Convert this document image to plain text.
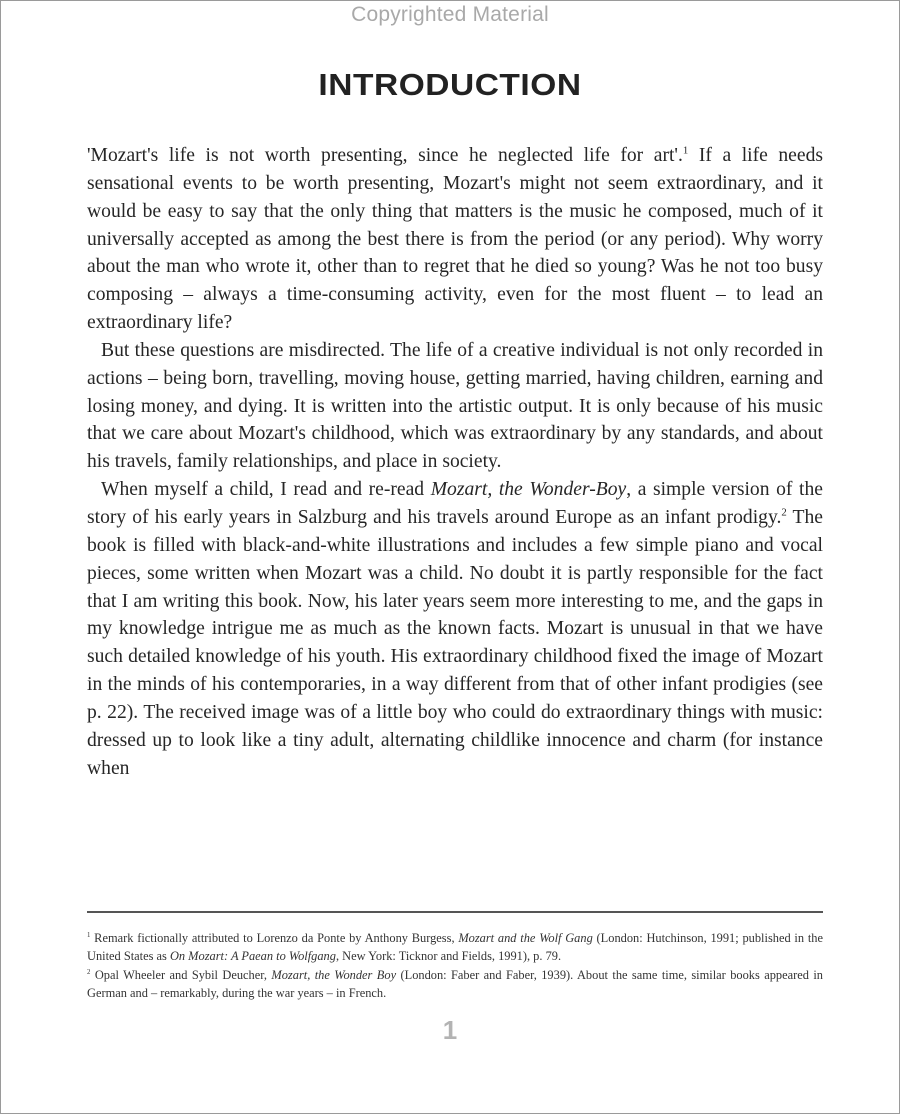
Copyrighted Material
INTRODUCTION

'Mozart's life is not worth presenting, since he neglected life for art'.$^1$ If a life needs sensational events to be worth presenting, Mozart's might not seem extraordinary, and it would be easy to say that the only thing that matters is the music he composed, much of it universally accepted as among the best there is from the period (or any period). Why worry about the man who wrote it, other than to regret that he died so young? Was he not too busy composing – always a time-consuming activity, even for the most fluent – to lead an extraordinary life?

But these questions are misdirected. The life of a creative individual is not only recorded in actions – being born, travelling, moving house, getting married, having children, earning and losing money, and dying. It is written into the artistic output. It is only because of his music that we care about Mozart's childhood, which was extraordinary by any standards, and about his travels, family relationships, and place in society.

When myself a child, I read and re-read Mozart, the Wonder-Boy, a simple version of the story of his early years in Salzburg and his travels around Europe as an infant prodigy.$^2$ The book is filled with black-and-white illustrations and includes a few simple piano and vocal pieces, some written when Mozart was a child. No doubt it is partly responsible for the fact that I am writing this book. Now, his later years seem more interesting to me, and the gaps in my knowledge intrigue me as much as the known facts. Mozart is unusual in that we have such detailed knowledge of his youth. His extraordinary childhood fixed the image of Mozart in the minds of his contemporaries, in a way different from that of other infant prodigies (see p. 22). The received image was of a little boy who could do extraordinary things with music: dressed up to look like a tiny adult, alternating childlike innocence and charm (for instance when

$^1$ Remark fictionally attributed to Lorenzo da Ponte by Anthony Burgess, Mozart and the Wolf Gang (London: Hutchinson, 1991; published in the United States as On Mozart: A Paean to Wolfgang, New York: Ticknor and Fields, 1991), p. 79.

$^2$ Opal Wheeler and Sybil Deucher, Mozart, the Wonder Boy (London: Faber and Faber, 1939). About the same time, similar books appeared in German and – remarkably, during the war years – in French.

1
